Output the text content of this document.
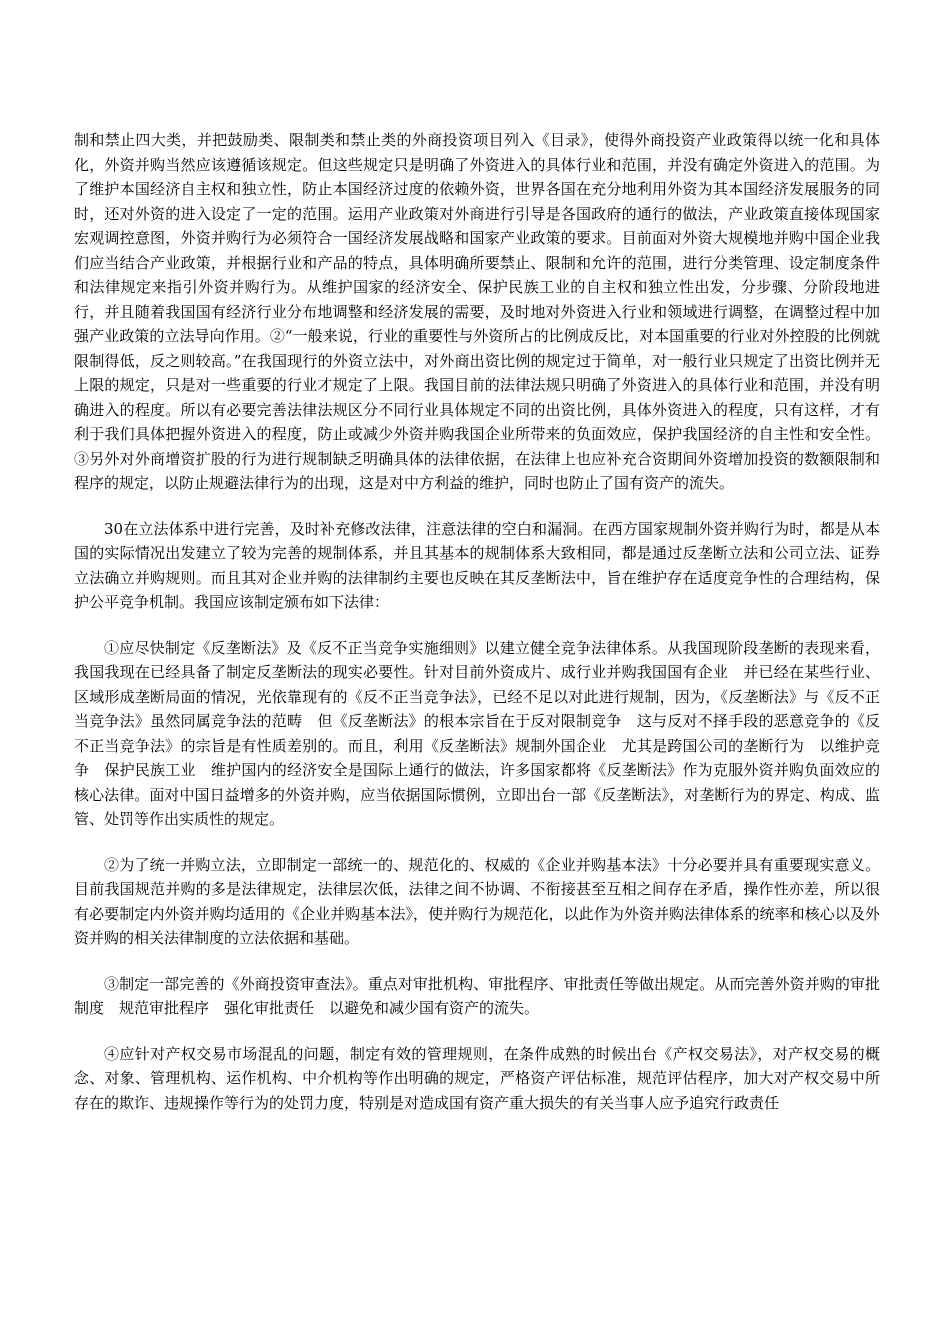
制和禁止四大类，并把鼓励类、限制类和禁止类的外商投资项目列入《目录》，使得外商投资产业政策得以统一化和具体化，外资并购当然应该遵循该规定。但这些规定只是明确了外资进入的具体行业和范围，并没有确定外资进入的范围。为了维护本国经济自主权和独立性，防止本国经济过度的依赖外资，世界各国在充分地利用外资为其本国经济发展服务的同时，还对外资的进入设定了一定的范围。运用产业政策对外商进行引导是各国政府的通行的做法，产业政策直接体现国家宏观调控意图，外资并购行为必须符合一国经济发展战略和国家产业政策的要求。目前面对外资大规模地并购中国企业我们应当结合产业政策，并根据行业和产品的特点，具体明确所要禁止、限制和允许的范围，进行分类管理、设定制度条件和法律规定来指引外资并购行为。从维护国家的经济安全、保护民族工业的自主权和独立性出发，分步骤、分阶段地进行，并且随着我国国有经济行业分布地调整和经济发展的需要，及时地对外资进入行业和领域进行调整，在调整过程中加强产业政策的立法导向作用。②“一般来说，行业的重要性与外资所占的比例成反比，对本国重要的行业对外控股的比例就限制得低，反之则较高。”在我国现行的外资立法中，对外商出资比例的规定过于简单，对一般行业只规定了出资比例并无上限的规定，只是对一些重要的行业才规定了上限。我国目前的法律法规只明确了外资进入的具体行业和范围，并没有明确进入的程度。所以有必要完善法律法规区分不同行业具体规定不同的出资比例，具体外资进入的程度，只有这样，才有利于我们具体把握外资进入的程度，防止或减少外资并购我国企业所带来的负面效应，保护我国经济的自主性和安全性。③另外对外商增资扩股的行为进行规制缺乏明确具体的法律依据，在法律上也应补充合资期间外资增加投资的数额限制和程序的规定，以防止规避法律行为的出现，这是对中方利益的维护，同时也防止了国有资产的流失。

30在立法体系中进行完善，及时补充修改法律，注意法律的空白和漏洞。在西方国家规制外资并购行为时，都是从本国的实际情况出发建立了较为完善的规制体系，并且其基本的规制体系大致相同，都是通过反垄断立法和公司立法、证券立法确立并购规则。而且其对企业并购的法律制约主要也反映在其反垄断法中，旨在维护存在适度竞争性的合理结构，保护公平竞争机制。我国应该制定颁布如下法律：

①应尽快制定《反垄断法》及《反不正当竞争实施细则》以建立健全竞争法律体系。从我国现阶段垄断的表现来看，我国我现在已经具备了制定反垄断法的现实必要性。针对目前外资成片、成行业并购我国国有企业　并已经在某些行业、区域形成垄断局面的情况，光依靠现有的《反不正当竞争法》，已经不足以对此进行规制，因为，《反垄断法》与《反不正当竞争法》虽然同属竞争法的范畴　但《反垄断法》的根本宗旨在于反对限制竞争　这与反对不择手段的恶意竞争的《反不正当竞争法》的宗旨是有性质差别的。而且，利用《反垄断法》规制外国企业　尤其是跨国公司的垄断行为　以维护竞争　保护民族工业　维护国内的经济安全是国际上通行的做法，许多国家都将《反垄断法》作为克服外资并购负面效应的核心法律。面对中国日益增多的外资并购，应当依据国际惯例，立即出台一部《反垄断法》，对垄断行为的界定、构成、监管、处罚等作出实质性的规定。

②为了统一并购立法，立即制定一部统一的、规范化的、权威的《企业并购基本法》十分必要并具有重要现实意义。目前我国规范并购的多是法律规定，法律层次低，法律之间不协调、不衔接甚至互相之间存在矛盾，操作性亦差，所以很有必要制定内外资并购均适用的《企业并购基本法》，使并购行为规范化，以此作为外资并购法律体系的统率和核心以及外资并购的相关法律制度的立法依据和基础。

③制定一部完善的《外商投资审查法》。重点对审批机构、审批程序、审批责任等做出规定。从而完善外资并购的审批制度　规范审批程序　强化审批责任　以避免和减少国有资产的流失。

④应针对产权交易市场混乱的问题，制定有效的管理规则，在条件成熟的时候出台《产权交易法》，对产权交易的概念、对象、管理机构、运作机构、中介机构等作出明确的规定，严格资产评估标准，规范评估程序，加大对产权交易中所存在的欺诈、违规操作等行为的处罚力度，特别是对造成国有资产重大损失的有关当事人应予追究行政责任
